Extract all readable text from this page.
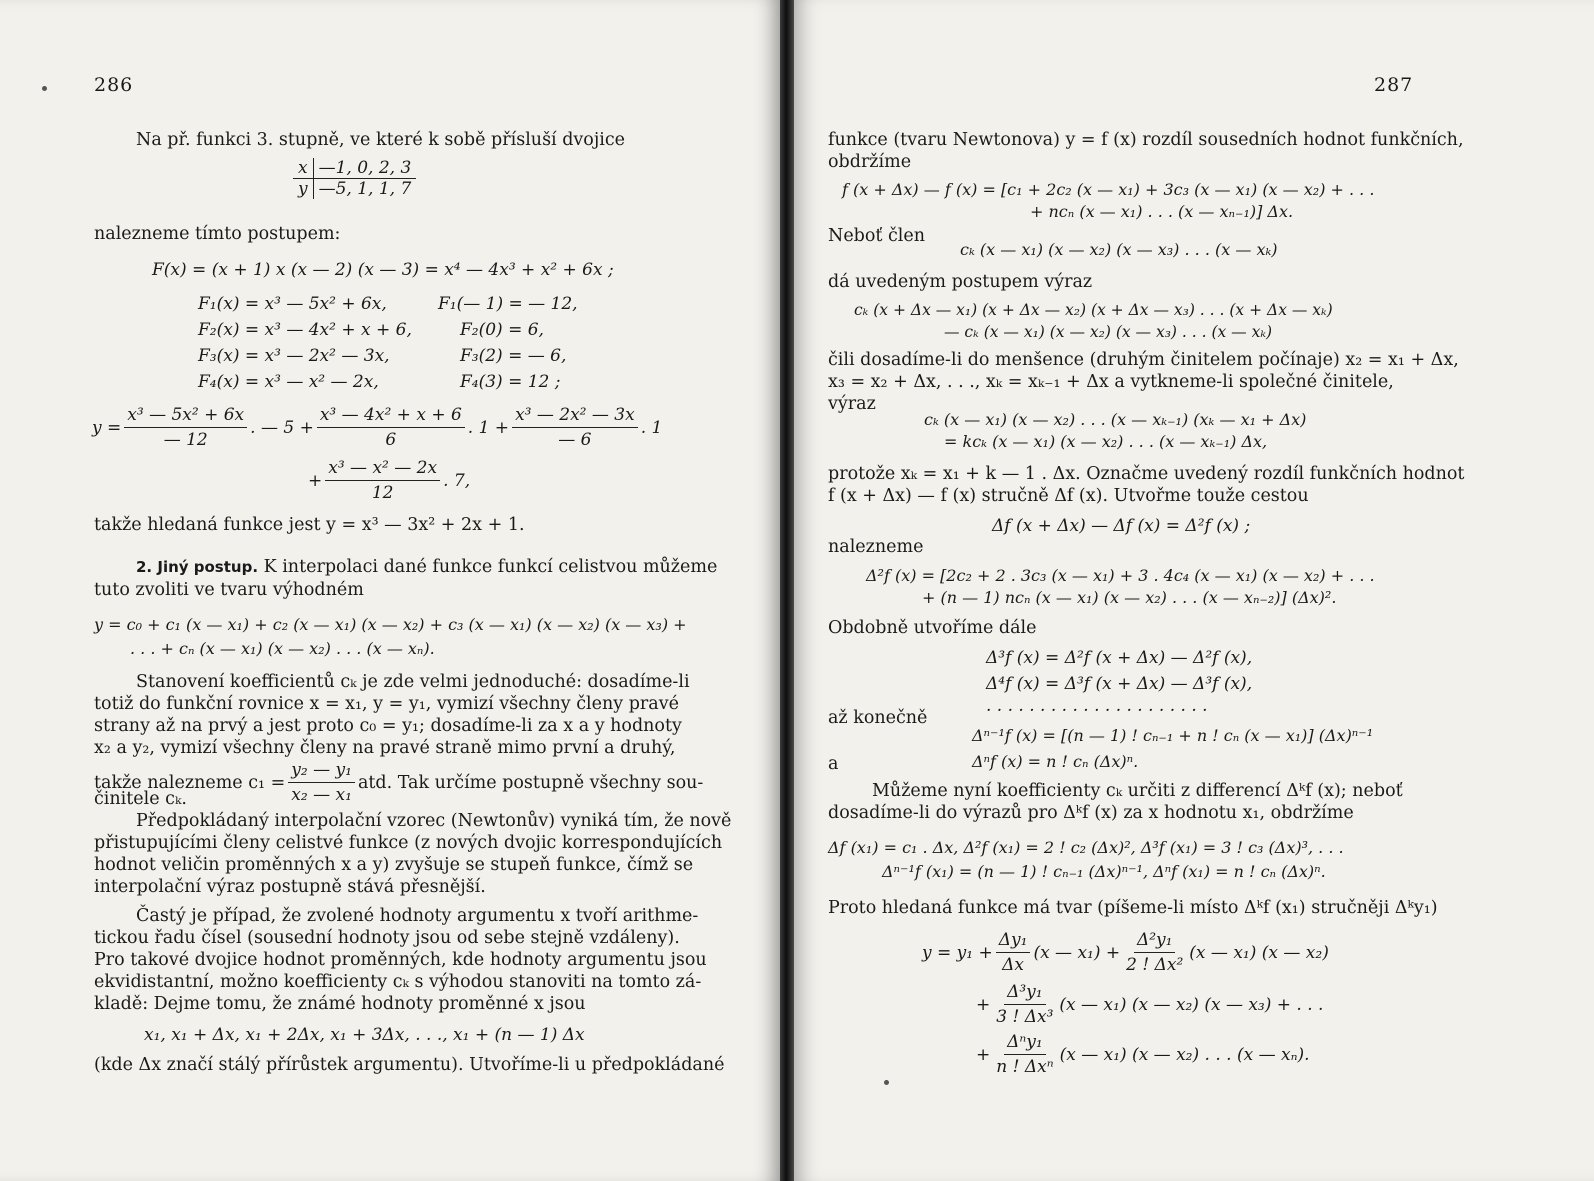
286
Na př. funkci 3. stupně, ve které k sobě přísluší dvojice
x	—1, 0, 2, 3
y	—5, 1, 1, 7
nalezneme tímto postupem:
F(x) = (x + 1) x (x — 2) (x — 3) = x⁴ — 4x³ + x² + 6x ;
F₁(x) = x³ — 5x² + 6x,	F₁(— 1) = — 12,
F₂(x) = x³ — 4x² + x + 6,	F₂(0) = 6,
F₃(x) = x³ — 2x² — 3x,	F₃(2) = — 6,
F₄(x) = x³ — x² — 2x,	F₄(3) = 12 ;
$y = \frac{\text{x³ — 5x² + 6x}}{— 12}$ . — $5 + \frac{\text{x³ — 4x² + x + 6}}{6}$ . $1 + \frac{\text{x³ — 2x² — 3x}}{— 6}$ . 1
+ $\frac{\text{x³ — x² — 2x}}{12}$ . 7,
takže hledaná funkce jest y = x³ — 3x² + 2x + 1.
2. Jiný postup. K interpolaci dané funkce funkcí celistvou můžeme
tuto zvoliti ve tvaru výhodném
y = c₀ + c₁ (x — x₁) + c₂ (x — x₁) (x — x₂) + c₃ (x — x₁) (x — x₂) (x — x₃) +
. . . + cₙ (x — x₁) (x — x₂) . . . (x — xₙ).
Stanovení koefficientů cₖ je zde velmi jednoduché: dosadíme-li
totiž do funkční rovnice x = x₁, y = y₁, vymizí všechny členy pravé
strany až na prvý a jest proto c₀ = y₁; dosadíme-li za x a y hodnoty
x₂ a y₂, vymizí všechny členy na pravé straně mimo první a druhý,
takže nalezneme $c_1 = \frac{\text{y₂ — y₁}}{\text{x₂ — x₁}}$ atd. Tak určíme postupně všechny sou-
činitele cₖ.
Předpokládaný interpolační vzorec (Newtonův) vyniká tím, že nově
přistupujícími členy celistvé funkce (z nových dvojic korrespondujících
hodnot veličin proměnných x a y) zvyšuje se stupeň funkce, čímž se
interpolační výraz postupně stává přesnější.
Častý je případ, že zvolené hodnoty argumentu x tvoří arithme-
tickou řadu čísel (sousední hodnoty jsou od sebe stejně vzdáleny).
Pro takové dvojice hodnot proměnných, kde hodnoty argumentu jsou
ekvidistantní, možno koefficienty cₖ s výhodou stanoviti na tomto zá-
kladě: Dejme tomu, že známé hodnoty proměnné x jsou
x₁, x₁ + Δx, x₁ + 2Δx, x₁ + 3Δx, . . ., x₁ + (n — 1) Δx
(kde Δx značí stálý přírůstek argumentu). Utvoříme-li u předpokládané
287
funkce (tvaru Newtonova) y = f (x) rozdíl sousedních hodnot funkčních,
obdržíme
f (x + Δx) — f (x) = [c₁ + 2c₂ (x — x₁) + 3c₃ (x — x₁) (x — x₂) + . . .
+ ncₙ (x — x₁) . . . (x — xₙ₋₁)] Δx.
Neboť člen
cₖ (x — x₁) (x — x₂) (x — x₃) . . . (x — xₖ)
dá uvedeným postupem výraz
cₖ (x + Δx — x₁) (x + Δx — x₂) (x + Δx — x₃) . . . (x + Δx — xₖ)
— cₖ (x — x₁) (x — x₂) (x — x₃) . . . (x — xₖ)
čili dosadíme-li do menšence (druhým činitelem počínaje) x₂ = x₁ + Δx,
x₃ = x₂ + Δx, . . ., xₖ = xₖ₋₁ + Δx a vytkneme-li společné činitele,
výraz
cₖ (x — x₁) (x — x₂) . . . (x — xₖ₋₁) (xₖ — x₁ + Δx)
= kcₖ (x — x₁) (x — x₂) . . . (x — xₖ₋₁) Δx,
protože xₖ = x₁ + k — 1 . Δx. Označme uvedený rozdíl funkčních hodnot
f (x + Δx) — f (x) stručně Δf (x). Utvořme touže cestou
Δf (x + Δx) — Δf (x) = Δ²f (x) ;
nalezneme
Δ²f (x) = [2c₂ + 2 . 3c₃ (x — x₁) + 3 . 4c₄ (x — x₁) (x — x₂) + . . .
+ (n — 1) ncₙ (x — x₁) (x — x₂) . . . (x — xₙ₋₂)] (Δx)².
Obdobně utvoříme dále
Δ³f (x) = Δ²f (x + Δx) — Δ²f (x),
Δ⁴f (x) = Δ³f (x + Δx) — Δ³f (x),
. . . . . . . . . . . . . . . . . . . . .
až konečně
Δⁿ⁻¹f (x) = [(n — 1) ! cₙ₋₁ + n ! cₙ (x — x₁)] (Δx)ⁿ⁻¹
a	Δⁿf (x) = n ! cₙ (Δx)ⁿ.
Můžeme nyní koefficienty cₖ určiti z differencí Δᵏf (x); neboť
dosadíme-li do výrazů pro Δᵏf (x) za x hodnotu x₁, obdržíme
Δf (x₁) = c₁ . Δx, Δ²f (x₁) = 2 ! c₂ (Δx)², Δ³f (x₁) = 3 ! c₃ (Δx)³, . . .
Δⁿ⁻¹f (x₁) = (n — 1) ! cₙ₋₁ (Δx)ⁿ⁻¹, Δⁿf (x₁) = n ! cₙ (Δx)ⁿ.
Proto hledaná funkce má tvar (píšeme-li místo Δᵏf (x₁) stručněji Δᵏy₁)
$y = y_1 + \frac{\text{Δy₁}}{\Delta x} (x$ — $x_1) + \frac{\text{Δ²y₁}}{\text{2 ! Δx²}} (x$ — x₁) (x — x₂)
+ $\frac{\text{Δ³y₁}}{\text{3 ! Δx³}} (x$ — x₁) (x — x₂) (x — x₃) + . . .
+ $\frac{\text{Δⁿy₁}}{\text{n ! Δxⁿ}} (x$ — x₁) (x — x₂) . . . (x — xₙ).
